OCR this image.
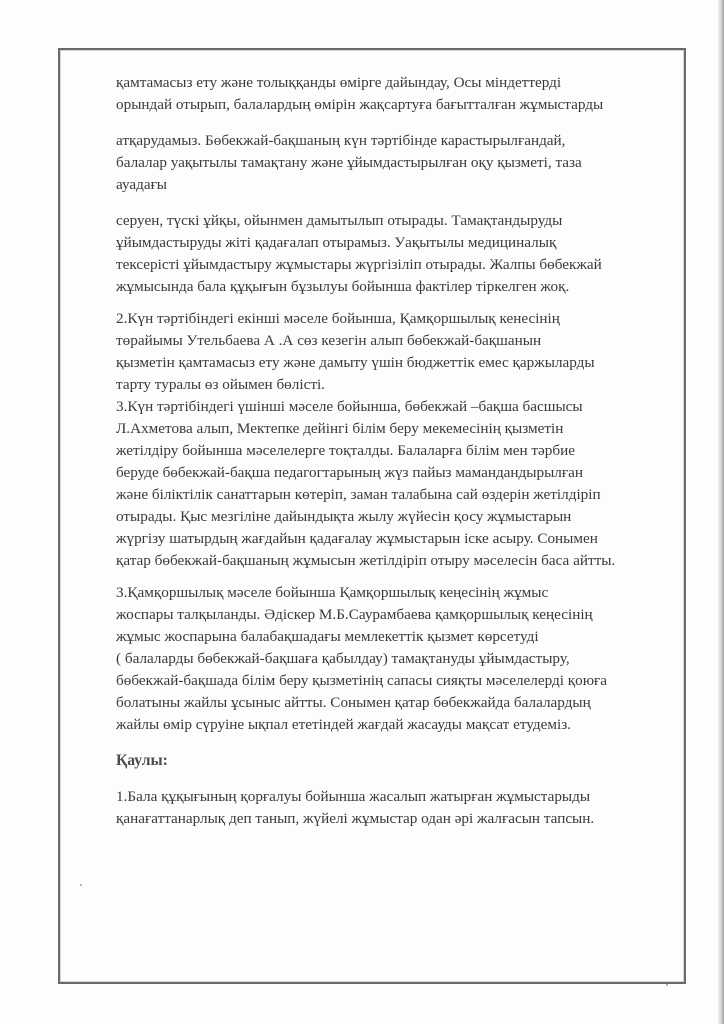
қамтамасыз ету және толыққанды өмірге дайындау, Осы міндеттерді
орындай отырып, балалардың өмірін жақсартуға бағытталған жұмыстарды

атқарудамыз. Бөбекжай-бақшаның күн тәртібінде карастырылғандай,
балалар уақытылы тамақтану және ұйымдастырылған оқу қызметі, таза
ауадағы

серуен, түскі ұйқы, ойынмен дамытылып отырады. Тамақтандыруды
ұйымдастыруды жіті қадағалап отырамыз. Уақытылы медициналық
тексерісті ұйымдастыру жұмыстары жүргізіліп отырады. Жалпы бөбекжай
жұмысында бала құқығын бұзылуы бойынша фактілер тіркелген жоқ.

2.Күн тәртібіндегі екінші мәселе бойынша, Қамқоршылық кенесінің
төрайымы Утельбаева А .А сөз кезегін алып бөбекжай-бақшанын
қызметін қамтамасыз ету және дамыту үшін бюджеттік емес қаржыларды
тарту туралы өз ойымен бөлісті.
3.Күн тәртібіндегі үшінші мәселе бойынша, бөбекжай –бақша басшысы
Л.Ахметова алып, Мектепке дейінгі білім беру мекемесінің қызметін
жетілдіру бойынша мәселелерге тоқталды. Балаларға білім мен тәрбие
беруде бөбекжай-бақша педагогтарының жүз пайыз мамандандырылған
және біліктілік санаттарын көтеріп, заман талабына сай өздерін жетілдіріп
отырады. Қыс мезгіліне дайындықта жылу жүйесін қосу жұмыстарын
жүргізу шатырдың жағдайын қадағалау жұмыстарын іске асыру. Сонымен
қатар бөбекжай-бақшаның жұмысын жетілдіріп отыру мәселесін баса айтты.

3.Қамқоршылық мәселе бойынша Қамқоршылық кеңесінің жұмыс
жоспары талқыланды. Әдіскер М.Б.Саурамбаева қамқоршылық кеңесінің
жұмыс жоспарына балабақшадағы мемлекеттік қызмет көрсетуді
( балаларды бөбекжай-бақшаға қабылдау) тамақтануды ұйымдастыру,
бөбекжай-бақшада білім беру қызметінің сапасы сияқты мәселелерді қоюға
болатыны жайлы ұсыныс айтты. Сонымен қатар бөбекжайда балалардың
жайлы өмір сүруіне ықпал ететіндей жағдай жасауды мақсат етудеміз.

Қаулы:

1.Бала құқығының қорғалуы бойынша жасалып жатырған жұмыстарыды
қанағаттанарлық деп танып, жүйелі жұмыстар одан әрі жалғасын тапсын.
